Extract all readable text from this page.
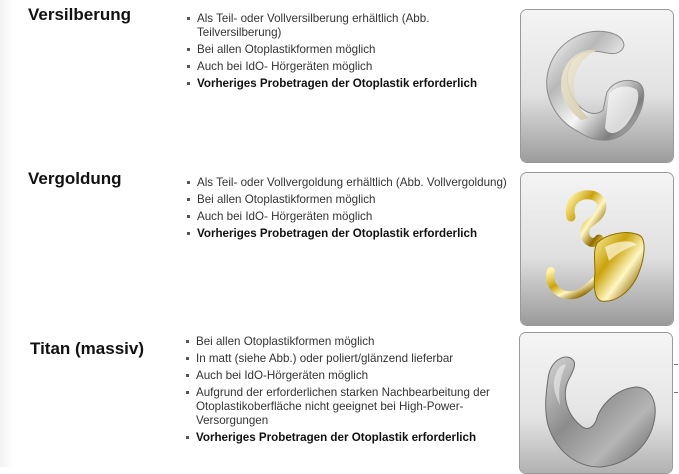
Versilberung	Als Teil- oder Vollversilberung erhältlich (Abb. Teilversilberung)
Bei allen Otoplastikformen möglich
Auch bei IdO- Hörgeräten möglich
Vorheriges Probetragen der Otoplastik erforderlich
Vergoldung	Als Teil- oder Vollvergoldung erhältlich (Abb. Vollvergoldung)
Bei allen Otoplastikformen möglich
Auch bei IdO- Hörgeräten möglich
Vorheriges Probetragen der Otoplastik erforderlich
Titan (massiv)	Bei allen Otoplastikformen möglich
In matt (siehe Abb.) oder poliert/glänzend lieferbar
Auch bei IdO-Hörgeräten möglich
Aufgrund der erforderlichen starken Nachbearbeitung der Otoplastikoberfläche nicht geeignet bei High-Power-Versorgungen
Vorheriges Probetragen der Otoplastik erforderlich
